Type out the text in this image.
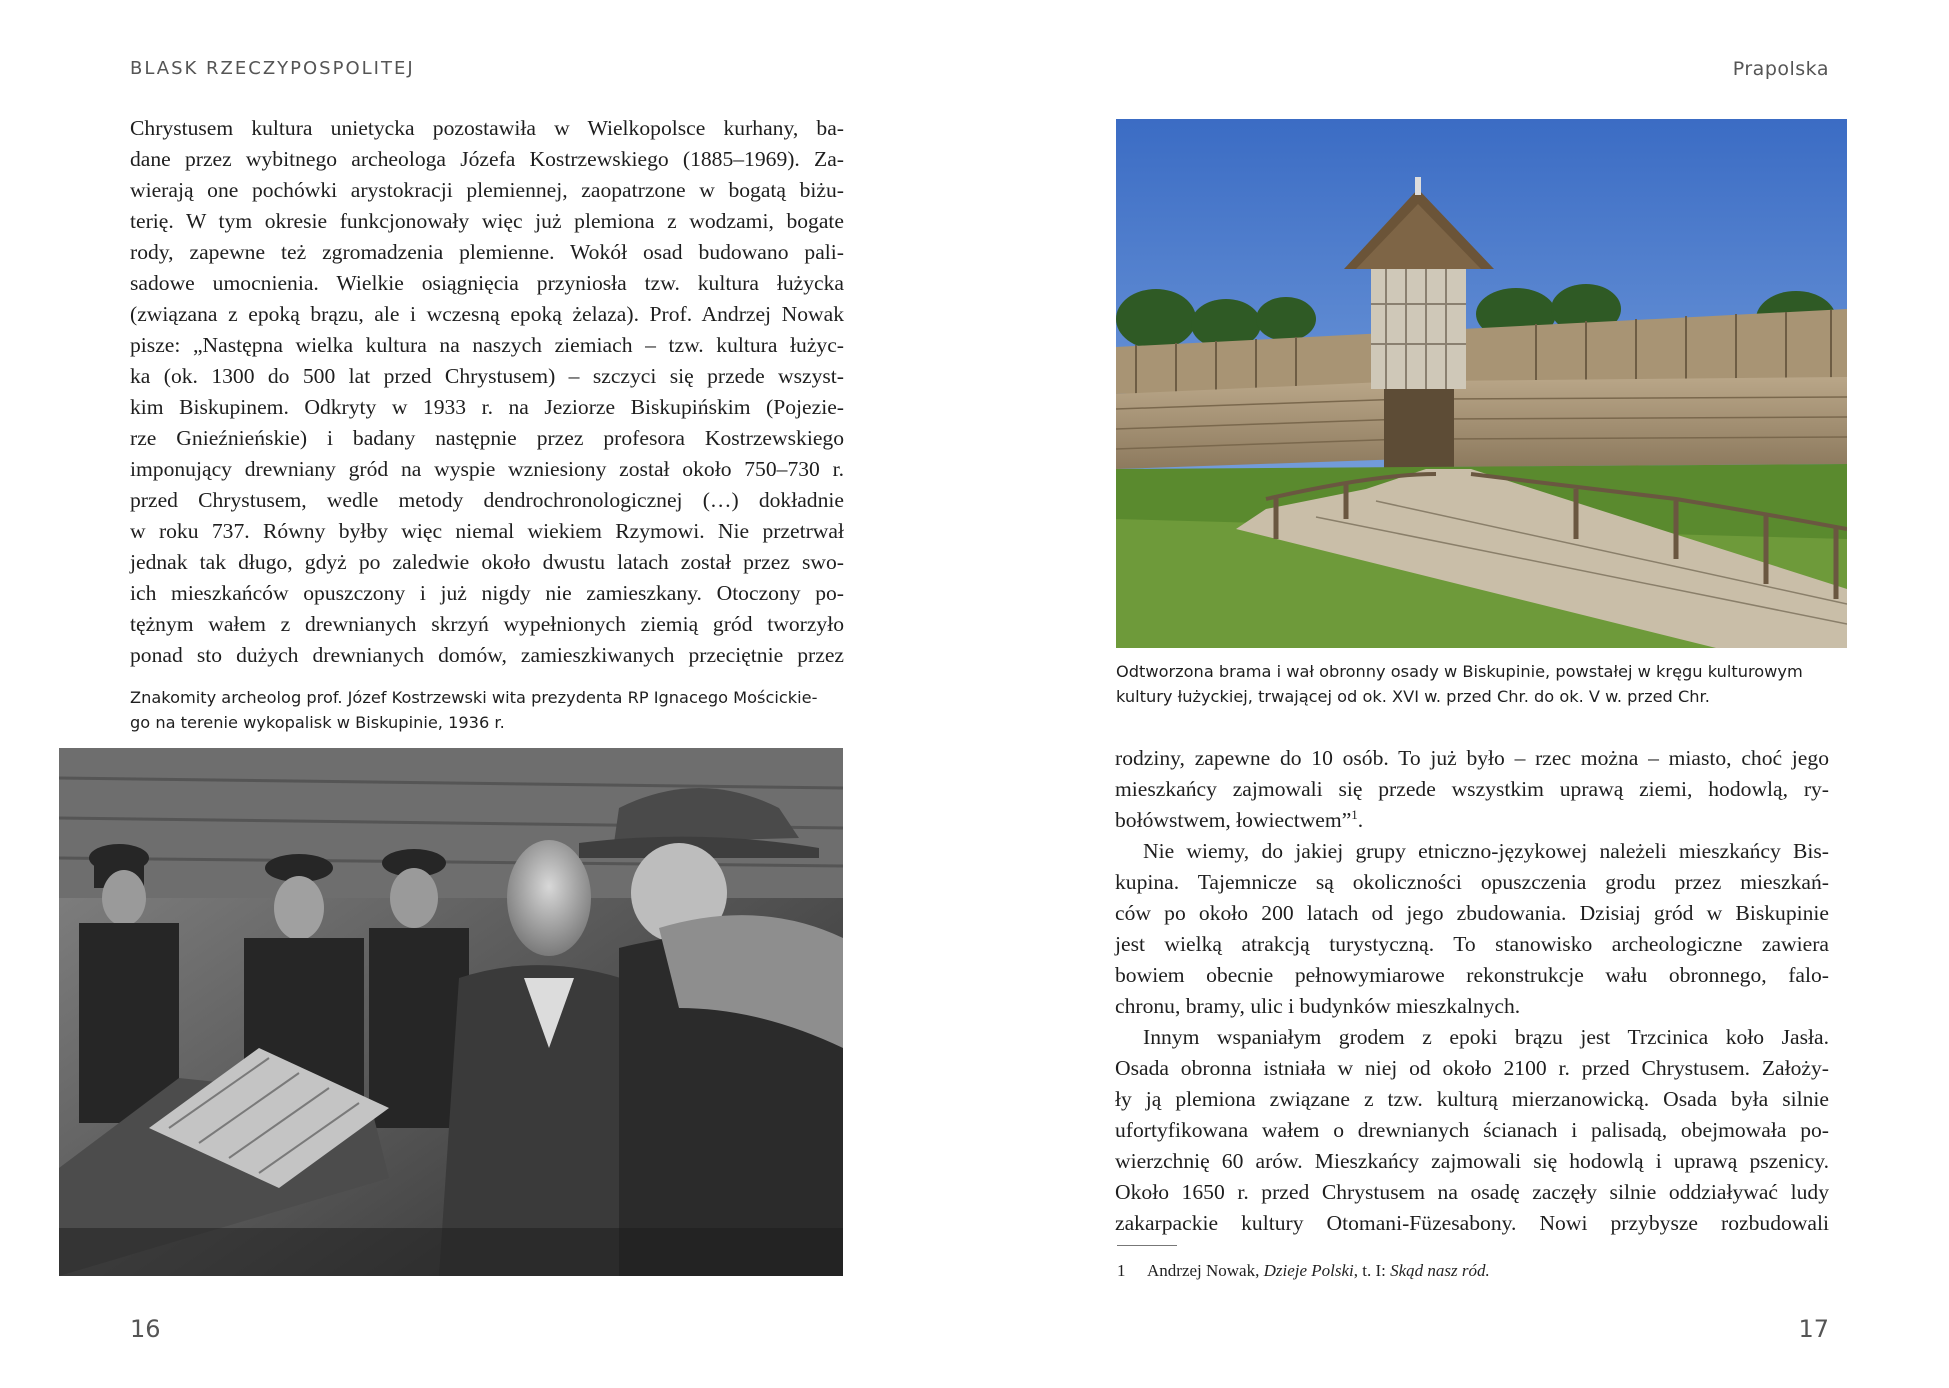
BLASK RZECZYPOSPOLITEJ
Chrystusem kultura unietycka pozostawiła w Wielkopolsce kurhany, ba-
dane przez wybitnego archeologa Józefa Kostrzewskiego (1885–1969). Za-
wierają one pochówki arystokracji plemiennej, zaopatrzone w bogatą biżu-
terię. W tym okresie funkcjonowały więc już plemiona z wodzami, bogate
rody, zapewne też zgromadzenia plemienne. Wokół osad budowano pali-
sadowe umocnienia. Wielkie osiągnięcia przyniosła tzw. kultura łużycka
(związana z epoką brązu, ale i wczesną epoką żelaza). Prof. Andrzej Nowak
pisze: „Następna wielka kultura na naszych ziemiach – tzw. kultura łużyc-
ka (ok. 1300 do 500 lat przed Chrystusem) – szczyci się przede wszyst-
kim Biskupinem. Odkryty w 1933 r. na Jeziorze Biskupińskim (Pojezie-
rze Gnieźnieńskie) i badany następnie przez profesora Kostrzewskiego
imponujący drewniany gród na wyspie wzniesiony został około 750–730 r.
przed Chrystusem, wedle metody dendrochronologicznej (…) dokładnie
w roku 737. Równy byłby więc niemal wiekiem Rzymowi. Nie przetrwał
jednak tak długo, gdyż po zaledwie około dwustu latach został przez swo-
ich mieszkańców opuszczony i już nigdy nie zamieszkany. Otoczony po-
tężnym wałem z drewnianych skrzyń wypełnionych ziemią gród tworzyło
ponad sto dużych drewnianych domów, zamieszkiwanych przeciętnie przez
Znakomity archeolog prof. Józef Kostrzewski wita prezydenta RP Ignacego Mościckie-
go na terenie wykopalisk w Biskupinie, 1936 r.
16
Prapolska
Odtworzona brama i wał obronny osady w Biskupinie, powstałej w kręgu kulturowym
kultury łużyckiej, trwającej od ok. XVI w. przed Chr. do ok. V w. przed Chr.
rodziny, zapewne do 10 osób. To już było – rzec można – miasto, choć jego
mieszkańcy zajmowali się przede wszystkim uprawą ziemi, hodowlą, ry-
bołówstwem, łowiectwem”$^1$.
Nie wiemy, do jakiej grupy etniczno-językowej należeli mieszkańcy Bis-
kupina. Tajemnicze są okoliczności opuszczenia grodu przez mieszkań-
ców po około 200 latach od jego zbudowania. Dzisiaj gród w Biskupinie
jest wielką atrakcją turystyczną. To stanowisko archeologiczne zawiera
bowiem obecnie pełnowymiarowe rekonstrukcje wału obronnego, falo-
chronu, bramy, ulic i budynków mieszkalnych.
Innym wspaniałym grodem z epoki brązu jest Trzcinica koło Jasła.
Osada obronna istniała w niej od około 2100 r. przed Chrystusem. Założy-
ły ją plemiona związane z tzw. kulturą mierzanowicką. Osada była silnie
ufortyfikowana wałem o drewnianych ścianach i palisadą, obejmowała po-
wierzchnię 60 arów. Mieszkańcy zajmowali się hodowlą i uprawą pszenicy.
Około 1650 r. przed Chrystusem na osadę zaczęły silnie oddziaływać ludy
zakarpackie kultury Otomani-Füzesabony. Nowi przybysze rozbudowali
1 Andrzej Nowak, Dzieje Polski, t. I: Skąd nasz ród.
17
